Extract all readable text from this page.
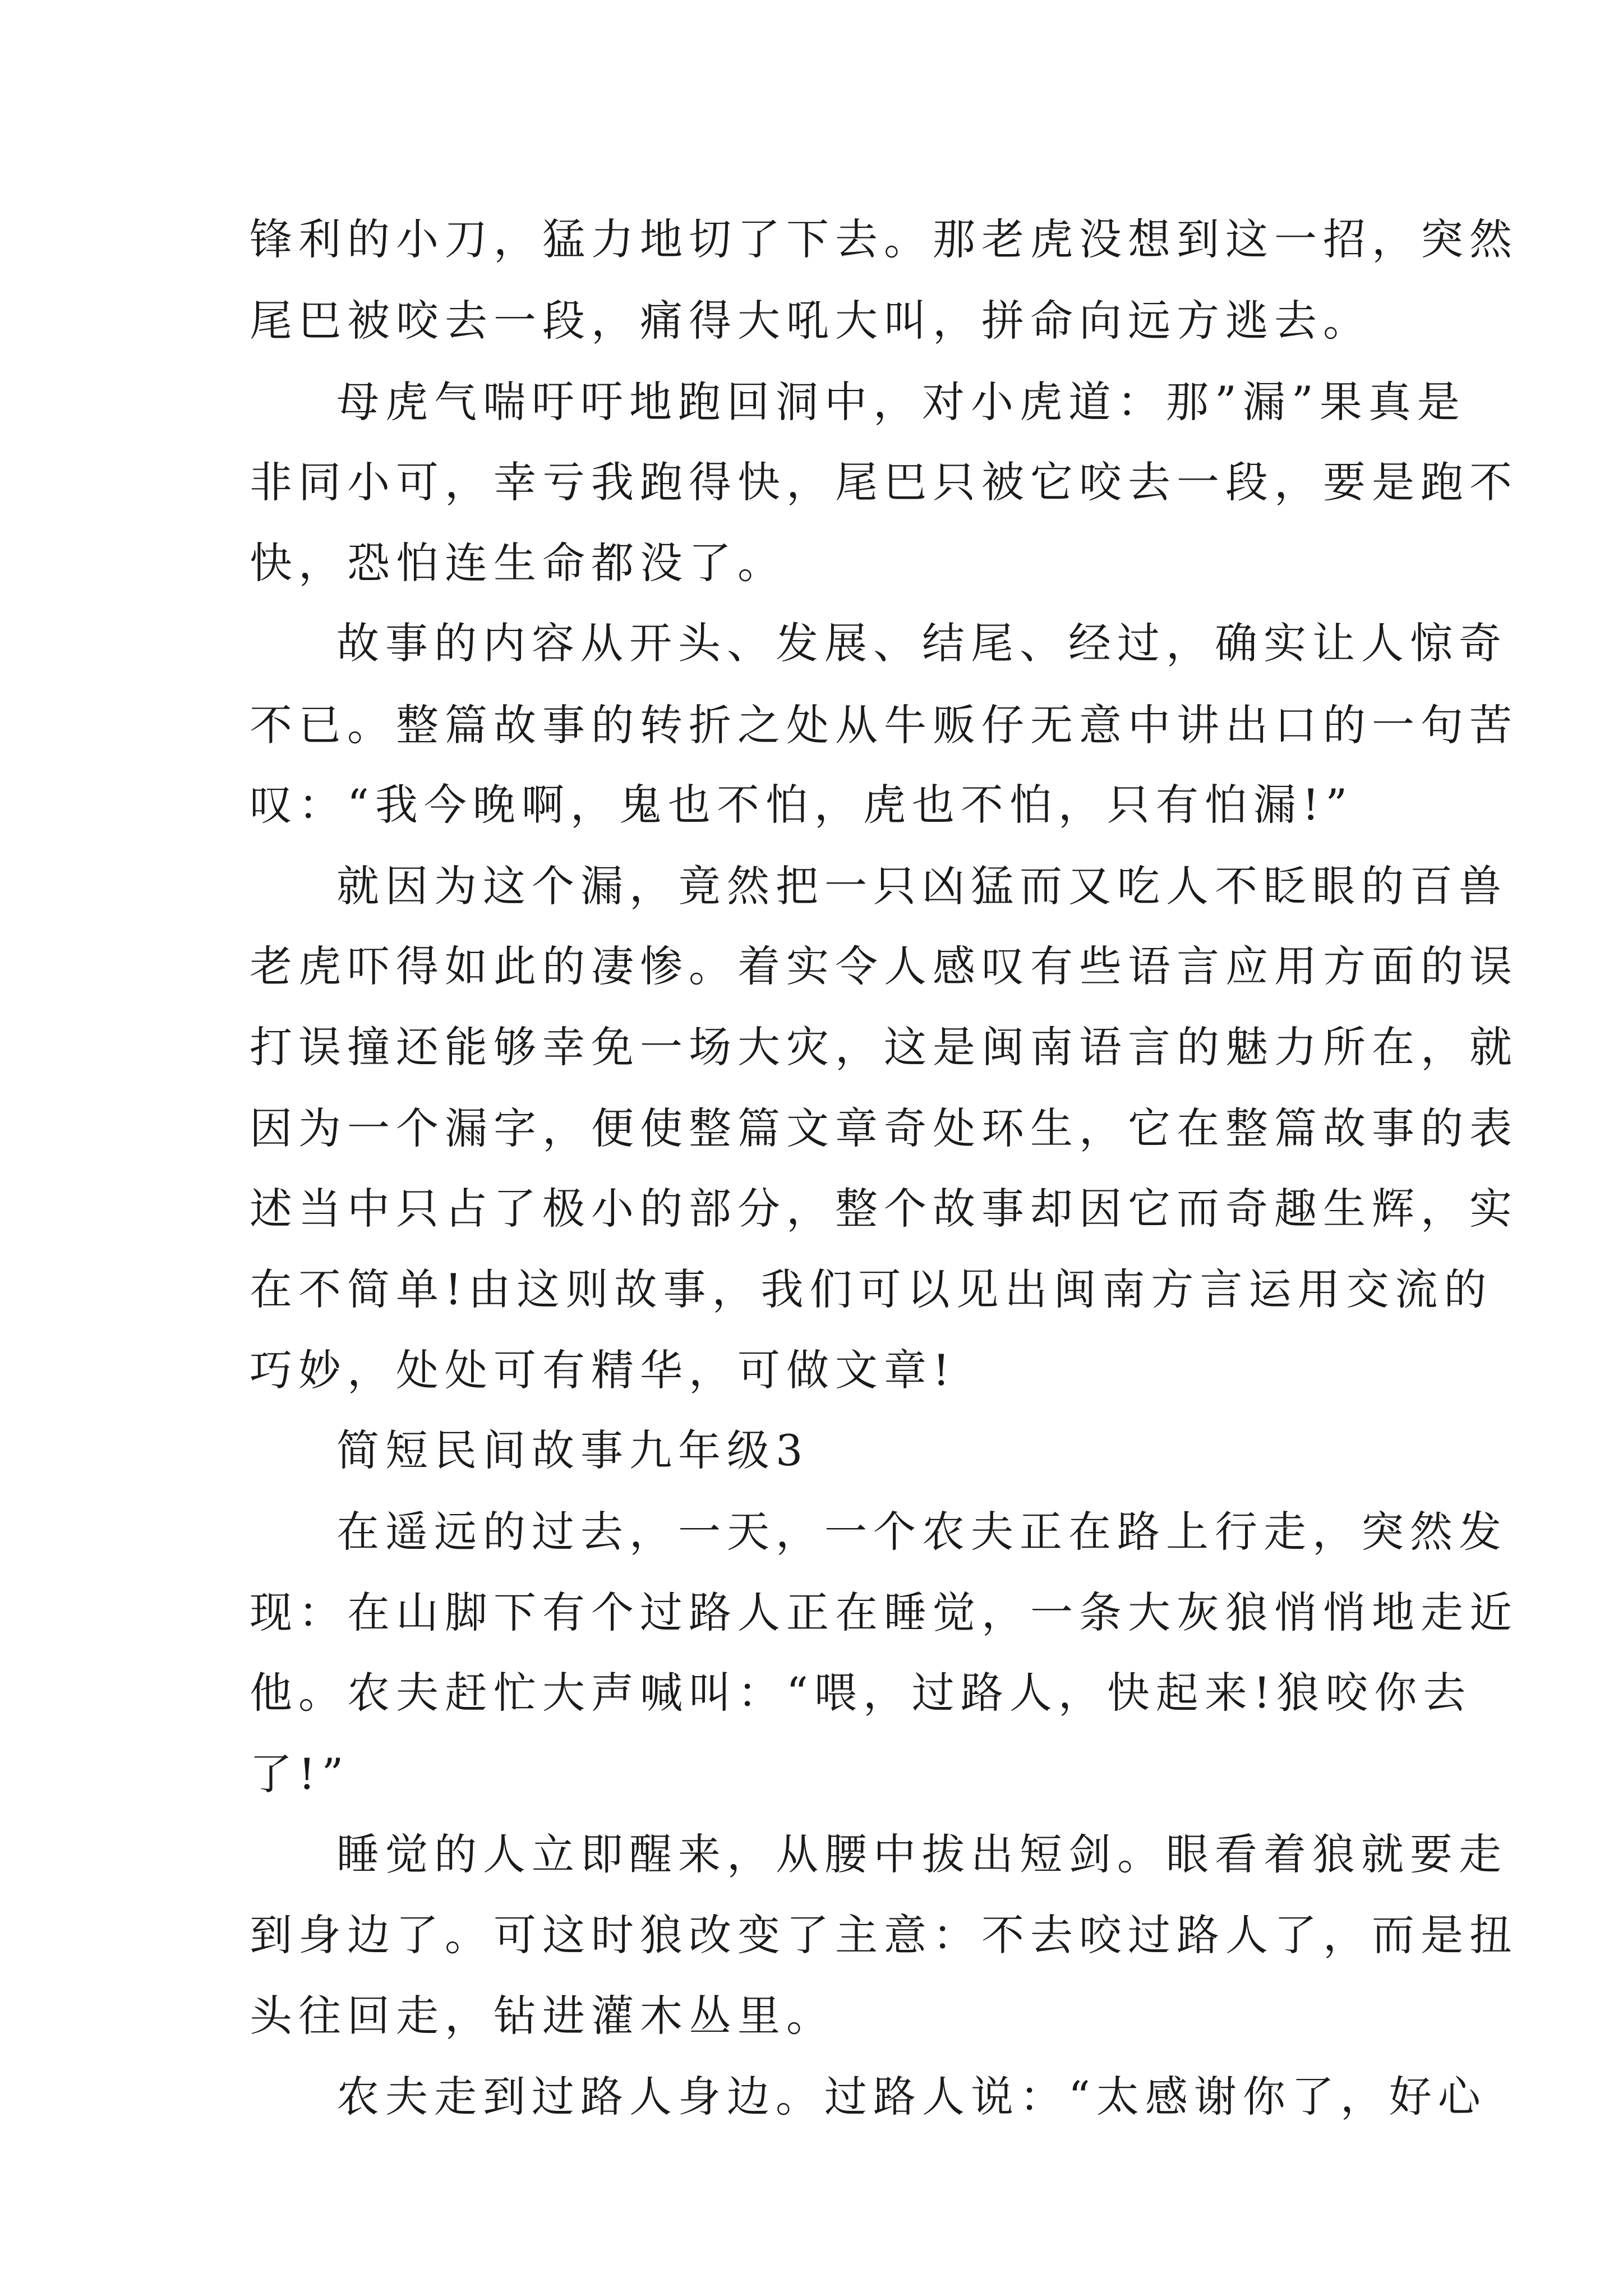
锋利的小刀，猛力地切了下去。那老虎没想到这一招，突然

尾巴被咬去一段，痛得大吼大叫，拼命向远方逃去。

母虎气喘吁吁地跑回洞中，对小虎道：那”漏”果真是

非同小可，幸亏我跑得快，尾巴只被它咬去一段，要是跑不

快，恐怕连生命都没了。

故事的内容从开头、发展、结尾、经过，确实让人惊奇

不已。整篇故事的转折之处从牛贩仔无意中讲出口的一句苦

叹：“我今晚啊，鬼也不怕，虎也不怕，只有怕漏!”

就因为这个漏，竟然把一只凶猛而又吃人不眨眼的百兽

老虎吓得如此的凄惨。着实令人感叹有些语言应用方面的误

打误撞还能够幸免一场大灾，这是闽南语言的魅力所在，就

因为一个漏字，便使整篇文章奇处环生，它在整篇故事的表

述当中只占了极小的部分，整个故事却因它而奇趣生辉，实

在不简单!由这则故事，我们可以见出闽南方言运用交流的

巧妙，处处可有精华，可做文章!

简短民间故事九年级3

在遥远的过去，一天，一个农夫正在路上行走，突然发

现：在山脚下有个过路人正在睡觉，一条大灰狼悄悄地走近

他。农夫赶忙大声喊叫：“喂，过路人，快起来!狼咬你去

了!”

睡觉的人立即醒来，从腰中拔出短剑。眼看着狼就要走

到身边了。可这时狼改变了主意：不去咬过路人了，而是扭

头往回走，钻进灌木丛里。

农夫走到过路人身边。过路人说：“太感谢你了，好心
